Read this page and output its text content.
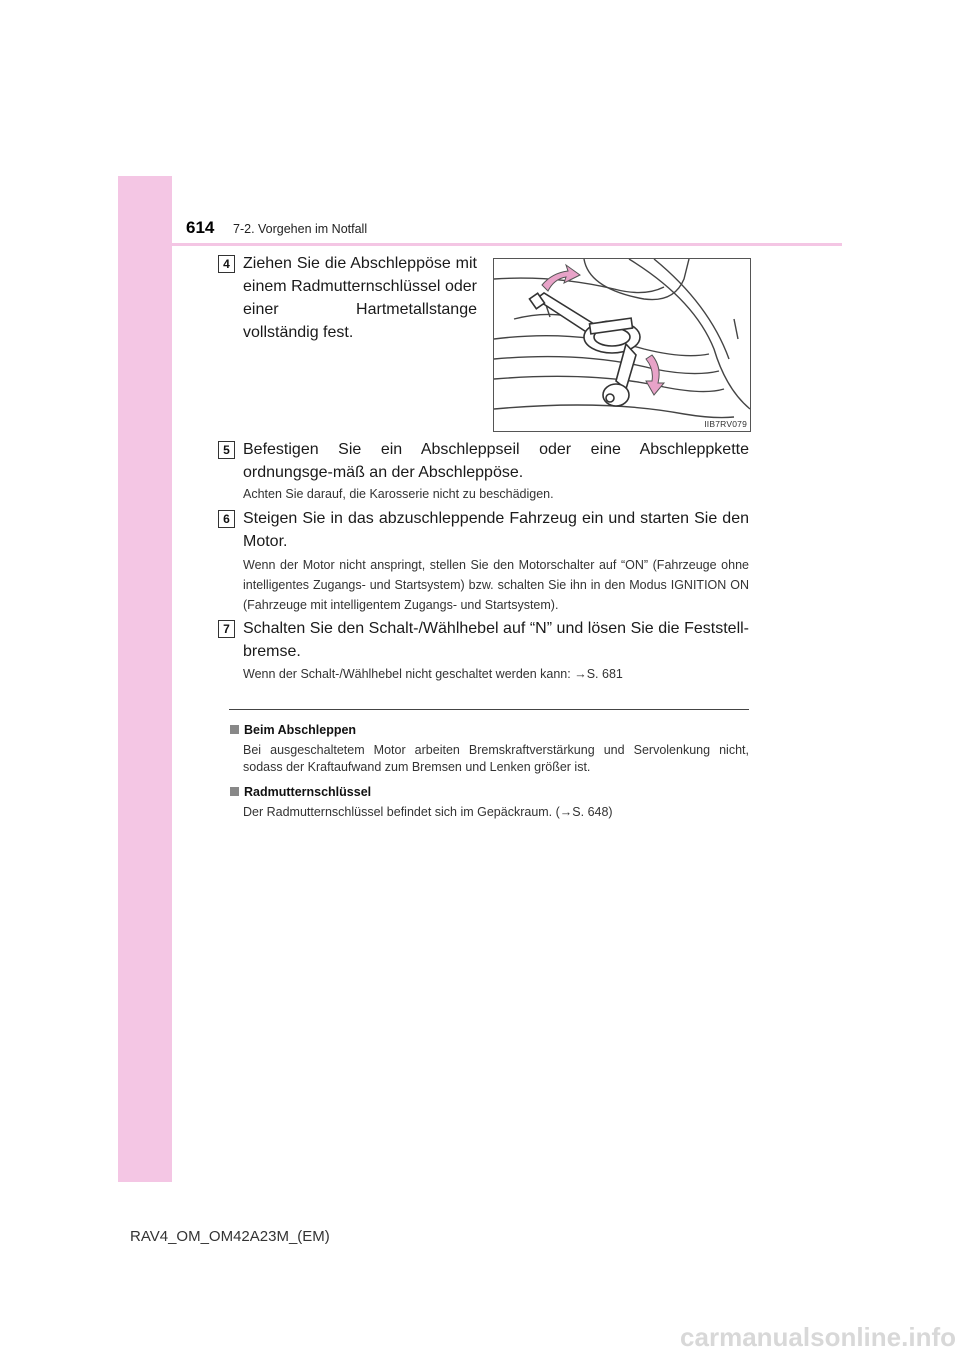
614 7-2. Vorgehen im Notfall
4 Ziehen Sie die Abschleppöse mit einem Radmutternschlüssel oder einer Hartmetallstange vollständig fest.
IIB7RV079
5 Befestigen Sie ein Abschleppseil oder eine Abschleppkette ordnungsge-mäß an der Abschleppöse.
Achten Sie darauf, die Karosserie nicht zu beschädigen.
6 Steigen Sie in das abzuschleppende Fahrzeug ein und starten Sie den Motor.
Wenn der Motor nicht anspringt, stellen Sie den Motorschalter auf “ON” (Fahrzeuge ohne intelligentes Zugangs- und Startsystem) bzw. schalten Sie ihn in den Modus IGNITION ON (Fahrzeuge mit intelligentem Zugangs- und Startsystem).
7 Schalten Sie den Schalt-/Wählhebel auf “N” und lösen Sie die Feststell-bremse.
Wenn der Schalt-/Wählhebel nicht geschaltet werden kann: →S. 681
Beim Abschleppen
Bei ausgeschaltetem Motor arbeiten Bremskraftverstärkung und Servolenkung nicht, sodass der Kraftaufwand zum Bremsen und Lenken größer ist.
Radmutternschlüssel
Der Radmutternschlüssel befindet sich im Gepäckraum. (→S. 648)
RAV4_OM_OM42A23M_(EM)
carmanualsonline.info
